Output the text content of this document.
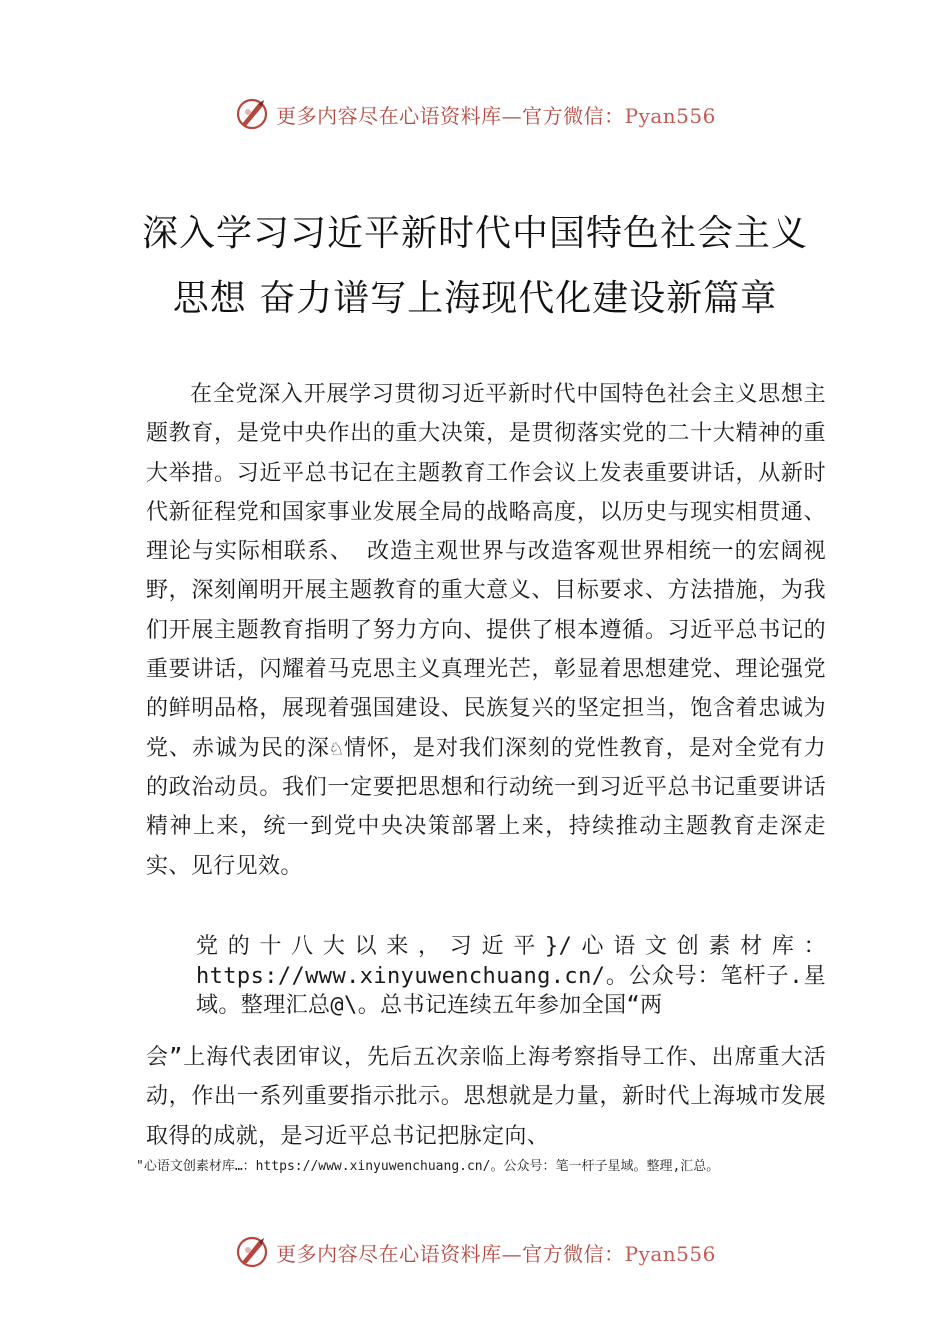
更多内容尽在心语资料库—官方微信：Pyan556
深入学习习近平新时代中国特色社会主义
思想 奋力谱写上海现代化建设新篇章

在全党深入开展学习贯彻习近平新时代中国特色社会主义思想主题教育，是党中央作出的重大决策，是贯彻落实党的二十大精神的重大举措。习近平总书记在主题教育工作会议上发表重要讲话，从新时代新征程党和国家事业发展全局的战略高度，以历史与现实相贯通、理论与实际相联系、 改造主观世界与改造客观世界相统一的宏阔视野，深刻阐明开展主题教育的重大意义、目标要求、方法措施，为我们开展主题教育指明了努力方向、提供了根本遵循。习近平总书记的重要讲话，闪耀着马克思主义真理光芒，彰显着思想建党、理论强党的鲜明品格，展现着强国建设、民族复兴的坚定担当，饱含着忠诚为党、赤诚为民的深♘情怀，是对我们深刻的党性教育，是对全党有力的政治动员。我们一定要把思想和行动统一到习近平总书记重要讲话精神上来，统一到党中央决策部署上来，持续推动主题教育走深走实、见行见效。

党的十八大以来，习近平}/心语文创素材库：https://www.xinyuwenchuang.cn/。公众号：笔杆子.星域。整理汇总@\。总书记连续五年参加全国“两

会”上海代表团审议，先后五次亲临上海考察指导工作、出席重大活动，作出一系列重要指示批示。思想就是力量，新时代上海城市发展取得的成就，是习近平总书记把脉定向、

"心语文创素材库…：https://www.xinyuwenchuang.cn/。公众号：笔一杆子星域。整理,汇总。

更多内容尽在心语资料库—官方微信：Pyan556
